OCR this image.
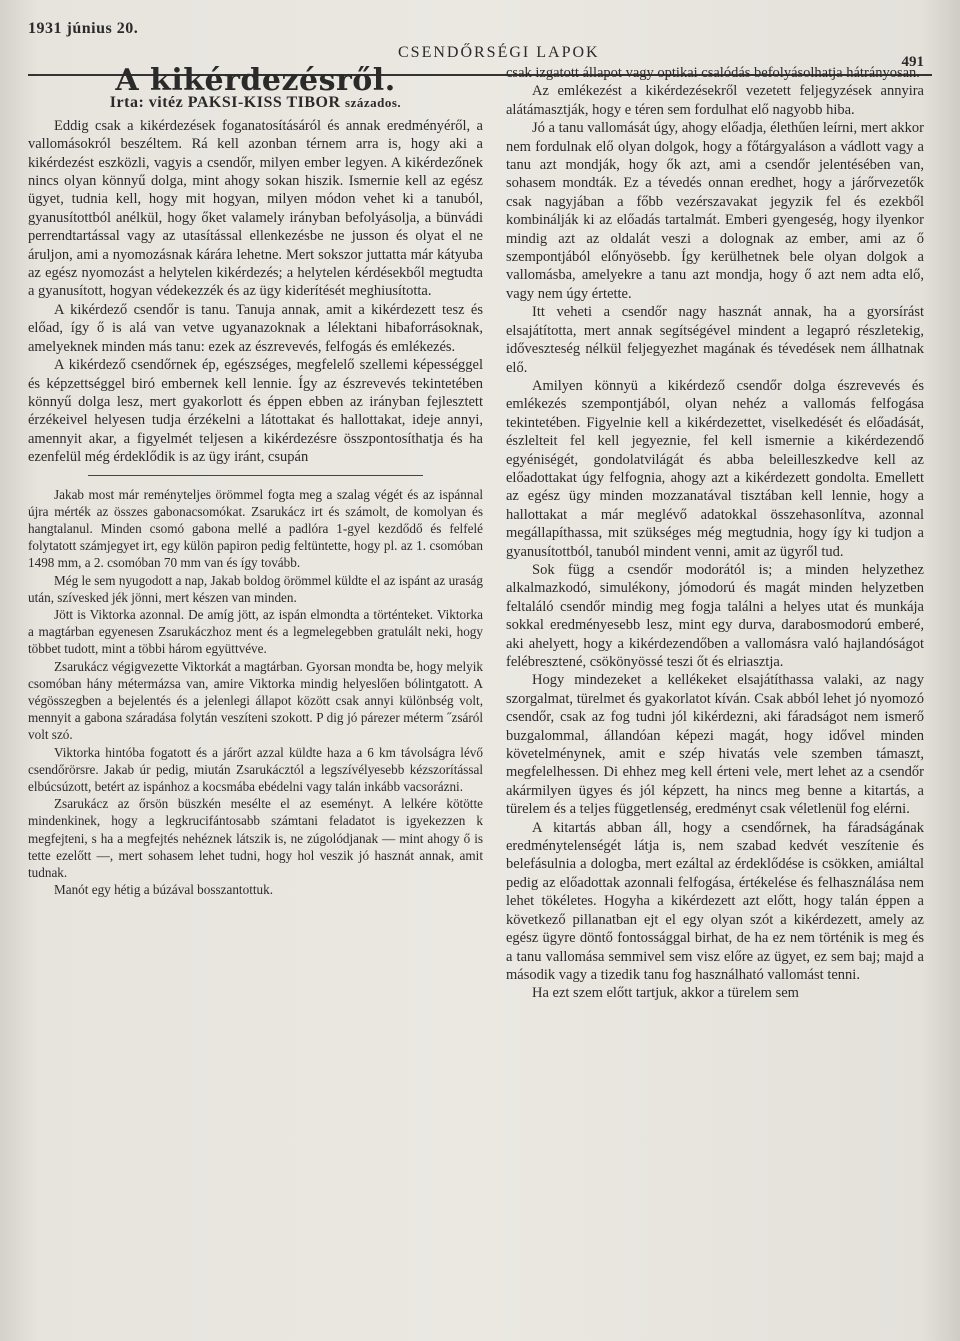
1931 június 20.
CSENDŐRSÉGI LAPOK
491
A kikérdezésről.
Irta: vitéz PAKSI-KISS TIBOR százados.

Eddig csak a kikérdezések foganatosításáról és annak eredményéről, a vallomásokról beszéltem. Rá kell azonban térnem arra is, hogy aki a kikérdezést eszközli, vagyis a csendőr, milyen ember legyen. A kikérdezőnek nincs olyan könnyű dolga, mint ahogy sokan hiszik. Ismernie kell az egész ügyet, tudnia kell, hogy mit hogyan, milyen módon vehet ki a tanuból, gyanusítottból anélkül, hogy őket valamely irányban befolyásolja, a bünvádi perrendtartással vagy az utasítással ellenkezésbe ne jusson és olyat el ne áruljon, ami a nyomozásnak kárára lehetne. Mert sokszor juttatta már kátyuba az egész nyomozást a helytelen kikérdezés; a helytelen kérdésekből megtudta a gyanusított, hogyan védekezzék és az ügy kiderítését meghiusította.

A kikérdező csendőr is tanu. Tanuja annak, amit a kikérdezett tesz és előad, így ő is alá van vetve ugyanazoknak a lélektani hibaforrásoknak, amelyeknek minden más tanu: ezek az észrevevés, felfogás és emlékezés.

A kikérdező csendőrnek ép, egészséges, megfelelő szellemi képességgel és képzettséggel biró embernek kell lennie. Így az észrevevés tekintetében könnyű dolga lesz, mert gyakorlott és éppen ebben az irányban fejlesztett érzékeivel helyesen tudja érzékelni a látottakat és hallottakat, ideje annyi, amennyit akar, a figyelmét teljesen a kikérdezésre összpontosíthatja és ha ezenfelül még érdeklődik is az ügy iránt, csupán

Jakab most már reményteljes örömmel fogta meg a szalag végét és az ispánnal újra mérték az összes gabonacsomókat. Zsarukácz irt és számolt, de komolyan és hangtalanul. Minden csomó gabona mellé a padlóra 1-gyel kezdődő és felfelé folytatott számjegyet irt, egy külön papiron pedig feltüntette, hogy pl. az 1. csomóban 1498 mm, a 2. csomóban 70 mm van és így tovább.

Még le sem nyugodott a nap, Jakab boldog örömmel küldte el az ispánt az uraság után, szívesked jék jönni, mert készen van minden.

Jött is Viktorka azonnal. De amíg jött, az ispán elmondta a történteket. Viktorka a magtárban egyenesen Zsarukáczhoz ment és a legmelegebben gratulált neki, hogy többet tudott, mint a többi három együttvéve.

Zsarukácz végigvezette Viktorkát a magtárban. Gyorsan mondta be, hogy melyik csomóban hány métermázsa van, amire Viktorka mindig helyeslően bólintgatott. A végösszegben a bejelentés és a jelenlegi állapot között csak annyi különbség volt, mennyit a gabona száradása folytán veszíteni szokott. P dig jó párezer méterm ˝zsáról volt szó.

Viktorka hintóba fogatott és a járőrt azzal küldte haza a 6 km távolságra lévő csendőrörsre. Jakab úr pedig, miután Zsarukácztól a legszívélyesebb kézszorítással elbúcsúzott, betért az ispánhoz a kocsmába ebédelni vagy talán inkább vacsorázni.

Zsarukácz az őrsön büszkén mesélte el az eseményt. A lelkére kötötte mindenkinek, hogy a legkrucifántosabb számtani feladatot is igyekezzen k megfejteni, s ha a megfejtés nehéznek látszik is, ne zúgolódjanak — mint ahogy ő is tette ezelőtt —, mert sohasem lehet tudni, hogy hol veszik jó hasznát annak, amit tudnak.

Manót egy hétig a búzával bosszantottuk.

csak izgatott állapot vagy optikai csalódás befolyásolhatja hátrányosan.

Az emlékezést a kikérdezésekről vezetett feljegyzések annyira alátámasztják, hogy e téren sem fordulhat elő nagyobb hiba.

Jó a tanu vallomását úgy, ahogy előadja, élethűen leírni, mert akkor nem fordulnak elő olyan dolgok, hogy a főtárgyaláson a vádlott vagy a tanu azt mondják, hogy ők azt, ami a csendőr jelentésében van, sohasem mondták. Ez a tévedés onnan eredhet, hogy a járőrvezetők csak nagyjában a főbb vezérszavakat jegyzik fel és ezekből kombinálják ki az előadás tartalmát. Emberi gyengeség, hogy ilyenkor mindig azt az oldalát veszi a dolognak az ember, ami az ő szempontjából előnyösebb. Így kerülhetnek bele olyan dolgok a vallomásba, amelyekre a tanu azt mondja, hogy ő azt nem adta elő, vagy nem úgy értette.

Itt veheti a csendőr nagy hasznát annak, ha a gyorsírást elsajátította, mert annak segítségével mindent a legapró részletekig, időveszteség nélkül feljegyezhet magának és tévedések nem állhatnak elő.

Amilyen könnyü a kikérdező csendőr dolga észrevevés és emlékezés szempontjából, olyan nehéz a vallomás felfogása tekintetében. Figyelnie kell a kikérdezettet, viselkedését és előadását, észlelteit fel kell jegyeznie, fel kell ismernie a kikérdezendő egyéniségét, gondolatvilágát és abba beleilleszkedve kell az előadottakat úgy felfognia, ahogy azt a kikérdezett gondolta. Emellett az egész ügy minden mozzanatával tisztában kell lennie, hogy a hallottakat a már meglévő adatokkal összehasonlítva, azonnal megállapíthassa, mit szükséges még megtudnia, hogy így ki tudjon a gyanusítottból, tanuból mindent venni, amit az ügyről tud.

Sok függ a csendőr modorától is; a minden helyzethez alkalmazkodó, simulékony, jómodorú és magát minden helyzetben feltaláló csendőr mindig meg fogja találni a helyes utat és munkája sokkal eredményesebb lesz, mint egy durva, darabosmodorú emberé, aki ahelyett, hogy a kikérdezendőben a vallomásra való hajlandóságot felébresztené, csökönyössé teszi őt és elriasztja.

Hogy mindezeket a kellékeket elsajátíthassa valaki, az nagy szorgalmat, türelmet és gyakorlatot kíván. Csak abból lehet jó nyomozó csendőr, csak az fog tudni jól kikérdezni, aki fáradságot nem ismerő buzgalommal, állandóan képezi magát, hogy idővel minden követelménynek, amit e szép hivatás vele szemben támaszt, megfelelhessen. Di ehhez meg kell érteni vele, mert lehet az a csendőr akármilyen ügyes és jól képzett, ha nincs meg benne a kitartás, a türelem és a teljes függetlenség, eredményt csak véletlenül fog elérni.

A kitartás abban áll, hogy a csendőrnek, ha fáradságának eredménytelenségét látja is, nem szabad kedvét veszítenie és belefásulnia a dologba, mert ezáltal az érdeklődése is csökken, amiáltal pedig az előadottak azonnali felfogása, értékelése és felhasználása nem lehet tökéletes. Hogyha a kikérdezett azt előtt, hogy talán éppen a következő pillanatban ejt el egy olyan szót a kikérdezett, amely az egész ügyre döntő fontossággal birhat, de ha ez nem történik is meg és a tanu vallomása semmivel sem visz előre az ügyet, ez sem baj; majd a második vagy a tizedik tanu fog használható vallomást tenni.

Ha ezt szem előtt tartjuk, akkor a türelem sem
